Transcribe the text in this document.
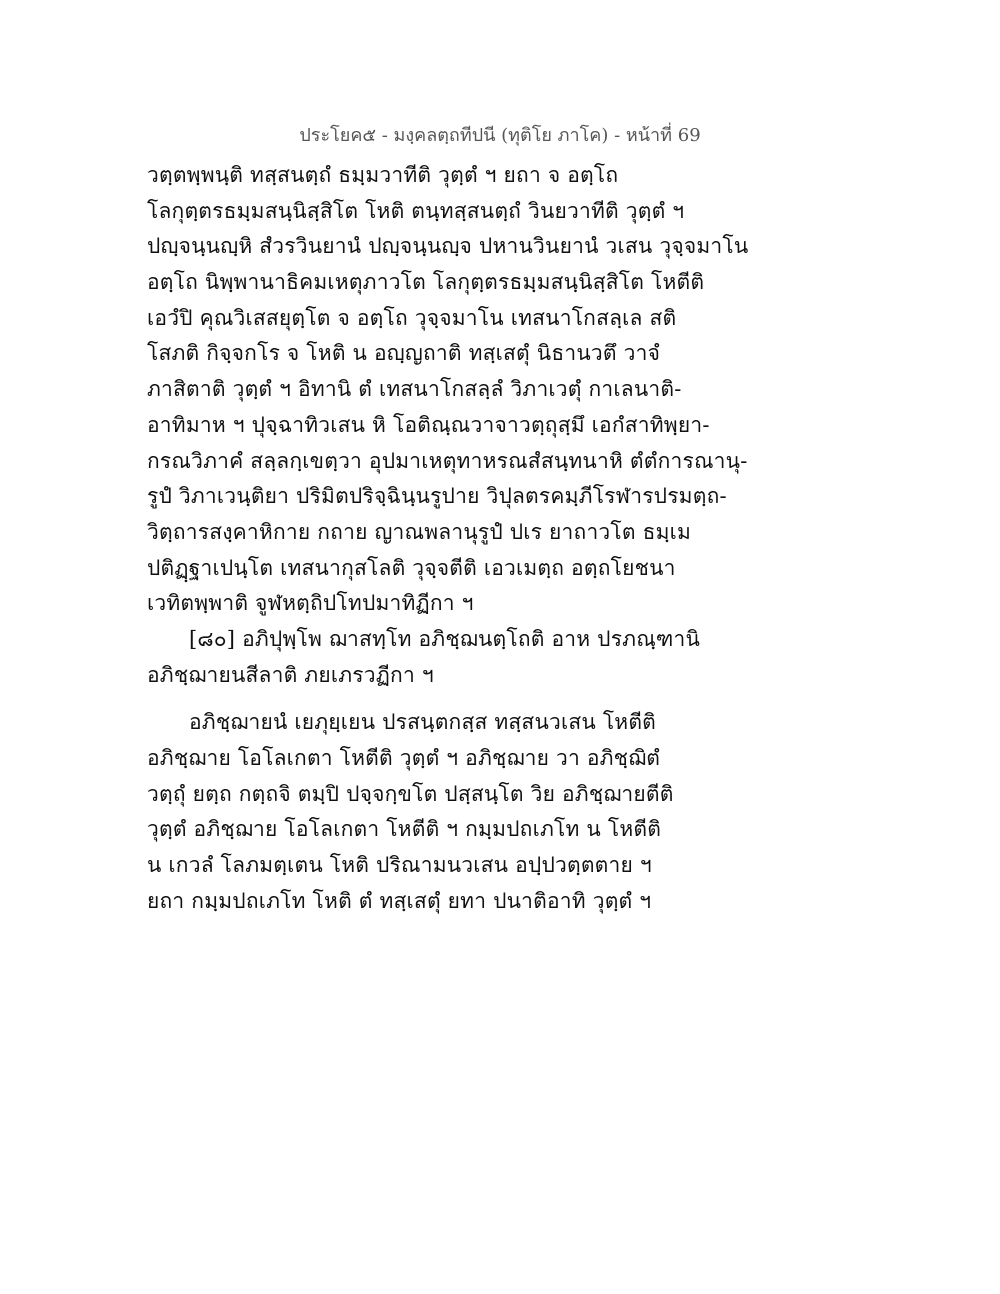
ประโยค๕ - มงฺคลตฺถทีปนี (ทุติโย ภาโค) - หน้าที่ 69
วตฺตพฺพนฺติ ทสฺสนตฺถํ ธมฺมวาทีติ วุตฺตํ ฯ ยถา จ อตฺโถ
โลกุตฺตรธมฺมสนฺนิสฺสิโต โหติ ตนฺทสฺสนตฺถํ วินยวาทีติ วุตฺตํ ฯ
ปญฺจนฺนญฺหิ สํวรวินยานํ ปญฺจนฺนญฺจ ปหานวินยานํ วเสน วุจฺจมาโน
อตฺโถ นิพฺพานาธิคมเหตุภาวโต โลกุตฺตรธมฺมสนฺนิสฺสิโต โหตีติ
เอวํปิ คุณวิเสสยุตฺโต จ อตฺโถ วุจฺจมาโน เทสนาโกสลฺเล สติ
โสภติ กิจฺจกโร จ โหติ น อญฺญถาติ ทสฺเสตุํ นิธานวตึ วาจํ
ภาสิตาติ วุตฺตํ ฯ อิทานิ ตํ เทสนาโกสลฺลํ วิภาเวตุํ กาเลนาติ-
อาทิมาห ฯ ปุจฺฉาทิวเสน หิ โอติณฺณวาจาวตฺถุสฺมึ เอกํสาทิพฺยา-
กรณวิภาคํ สลฺลกฺเขตฺวา อุปมาเหตุทาหรณสํสนฺทนาหิ ตํตํการณานุ-
รูปํ วิภาเวนฺติยา ปริมิตปริจฺฉินฺนรูปาย วิปุลตรคมฺภีโรฬารปรมตฺถ-
วิตฺถารสงฺคาหิกาย กถาย ญาณพลานุรูปํ ปเร ยาถาวโต ธมฺเม
ปติฏฺฐาเปนฺโต เทสนากุสโลติ วุจฺจตีติ เอวเมตฺถ อตฺถโยชนา
เวทิตพฺพาติ จูฬหตฺถิปโทปมาทิฏีกา ฯ
[๘๐] อภิปุพฺโพ ฌาสทฺโท อภิชฺฌนตฺโถติ อาห ปรภณฺฑานิ
อภิชฺฌายนสีลาติ ภยเภรวฏีกา ฯ
อภิชฺฌายนํ เยภุยฺเยน ปรสนฺตกสฺส ทสฺสนวเสน โหตีติ
อภิชฺฌาย โอโลเกตา โหตีติ วุตฺตํ ฯ อภิชฺฌาย วา อภิชฺฌิตํ
วตฺถุํ ยตฺถ กตฺถจิ ตมฺปิ ปจฺจกฺขโต ปสฺสนฺโต วิย อภิชฺฌายตีติ
วุตฺตํ อภิชฺฌาย โอโลเกตา โหตีติ ฯ กมฺมปถเภโท น โหตีติ
น เกวลํ โลภมตฺเตน โหติ ปริณามนวเสน อปฺปวตฺตตาย ฯ
ยถา กมฺมปถเภโท โหติ ตํ ทสฺเสตุํ ยทา ปนาติอาทิ วุตฺตํ ฯ
